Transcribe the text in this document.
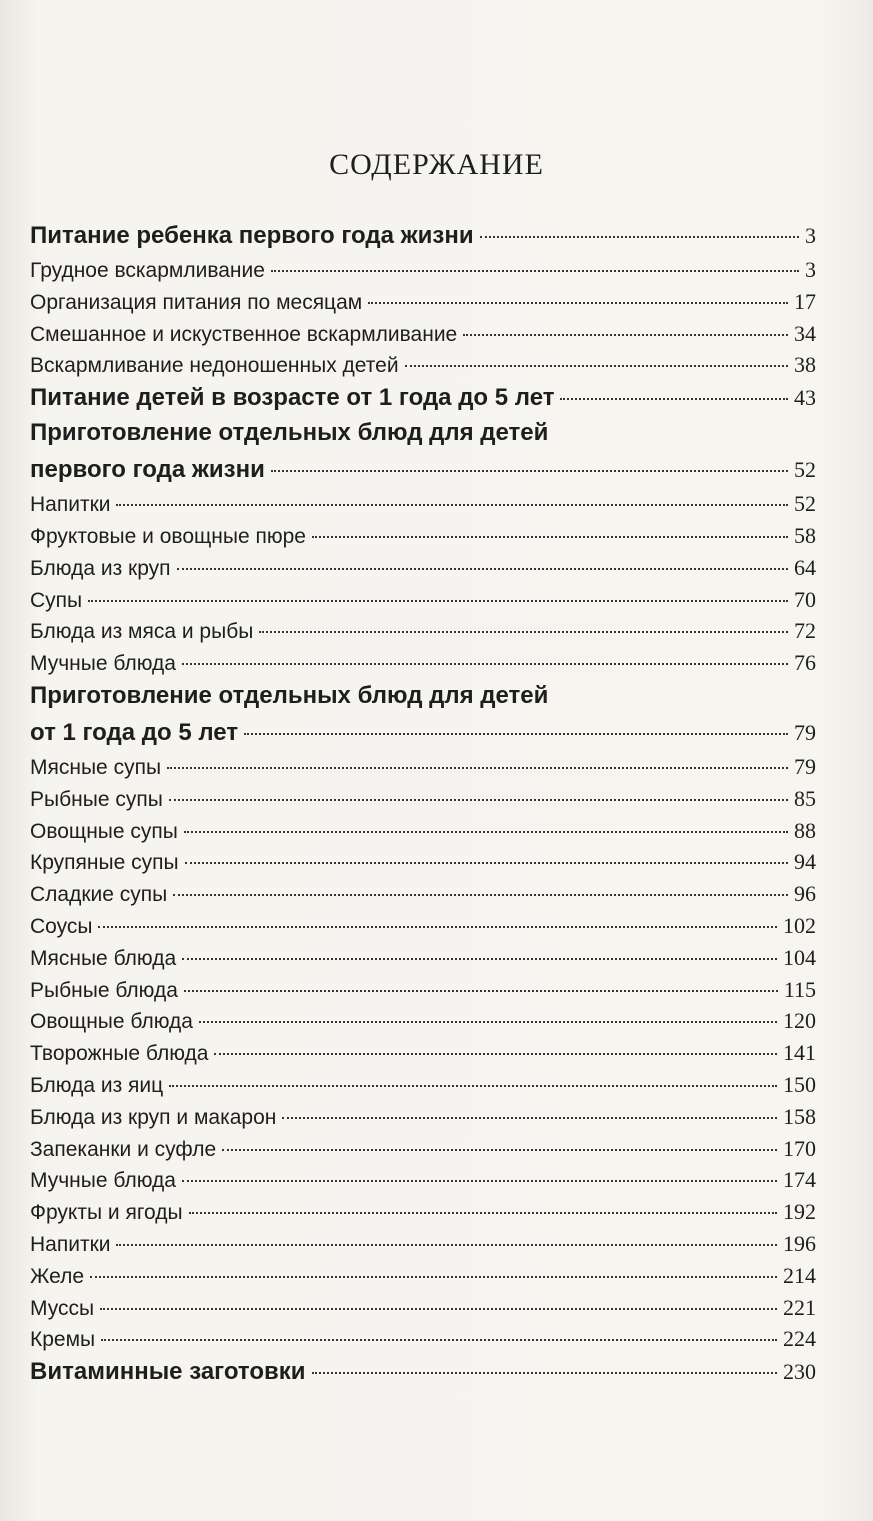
СОДЕРЖАНИЕ
Питание ребенка первого года жизни	3
Грудное вскармливание	3
Организация питания по месяцам	17
Смешанное и искуственное вскармливание	34
Вскармливание недоношенных детей	38
Питание детей в возрасте от 1 года до 5 лет	43
Приготовление отдельных блюд для детей
первого года жизни	52
Напитки	52
Фруктовые и овощные пюре	58
Блюда из круп	64
Супы	70
Блюда из мяса и рыбы	72
Мучные блюда	76
Приготовление отдельных блюд для детей
от 1 года до 5 лет	79
Мясные супы	79
Рыбные супы	85
Овощные супы	88
Крупяные супы	94
Сладкие супы	96
Соусы	102
Мясные блюда	104
Рыбные блюда	115
Овощные блюда	120
Творожные блюда	141
Блюда из яиц	150
Блюда из круп и макарон	158
Запеканки и суфле	170
Мучные блюда	174
Фрукты и ягоды	192
Напитки	196
Желе	214
Муссы	221
Кремы	224
Витаминные заготовки	230
